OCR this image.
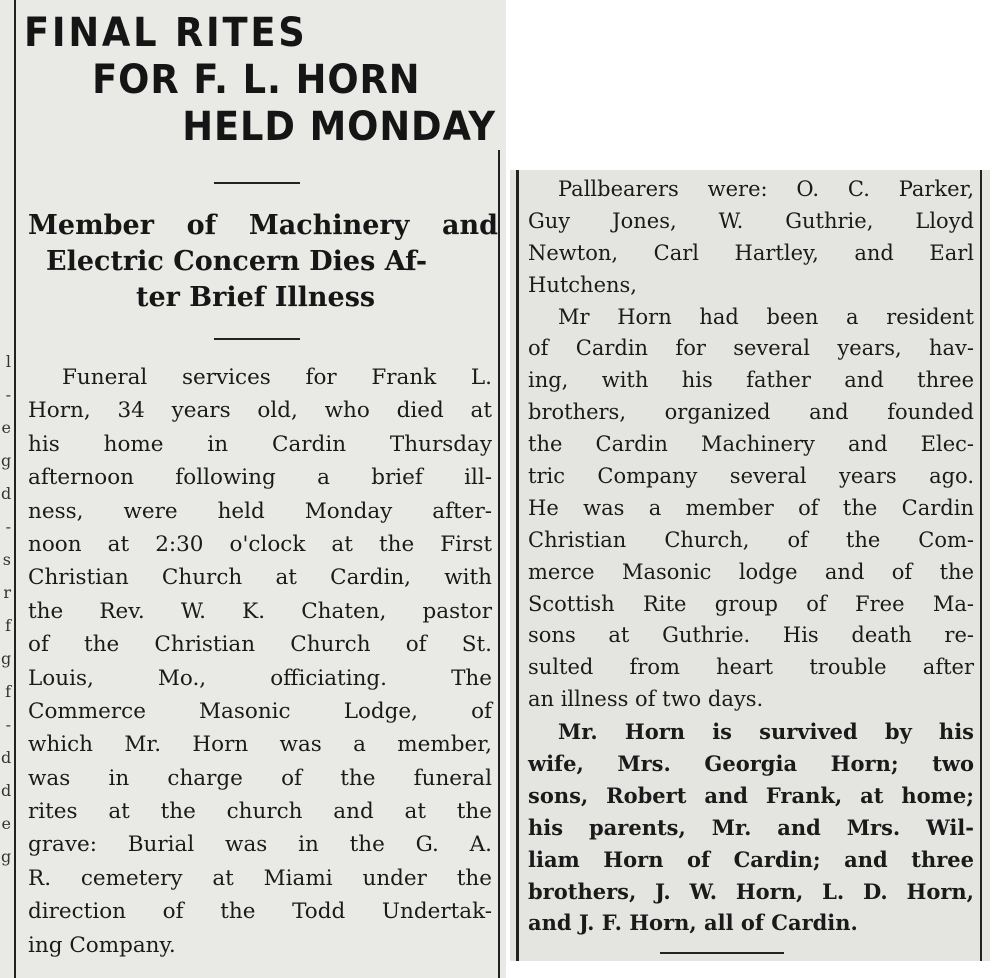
l
-
e
g
d
-
s
r
f
g
f
-
d
d
e
g
FINAL RITES
FOR F. L. HORN
HELD MONDAY
Member of Machinery and
Electric Concern Dies Af-
ter Brief Illness
Funeral services for Frank L.
Horn, 34 years old, who died at
his home in Cardin Thursday
afternoon following a brief ill-
ness, were held Monday after-
noon at 2:30 o'clock at the First
Christian Church at Cardin, with
the Rev. W. K. Chaten, pastor
of the Christian Church of St.
Louis, Mo., officiating. The
Commerce Masonic Lodge, of
which Mr. Horn was a member,
was in charge of the funeral
rites at the church and at the
grave: Burial was in the G. A.
R. cemetery at Miami under the
direction of the Todd Undertak-
ing Company.
Pallbearers were: O. C. Parker,
Guy Jones, W. Guthrie, Lloyd
Newton, Carl Hartley, and Earl
Hutchens,
Mr Horn had been a resident
of Cardin for several years, hav-
ing, with his father and three
brothers, organized and founded
the Cardin Machinery and Elec-
tric Company several years ago.
He was a member of the Cardin
Christian Church, of the Com-
merce Masonic lodge and of the
Scottish Rite group of Free Ma-
sons at Guthrie. His death re-
sulted from heart trouble after
an illness of two days.
Mr. Horn is survived by his
wife, Mrs. Georgia Horn; two
sons, Robert and Frank, at home;
his parents, Mr. and Mrs. Wil-
liam Horn of Cardin; and three
brothers, J. W. Horn, L. D. Horn,
and J. F. Horn, all of Cardin.
